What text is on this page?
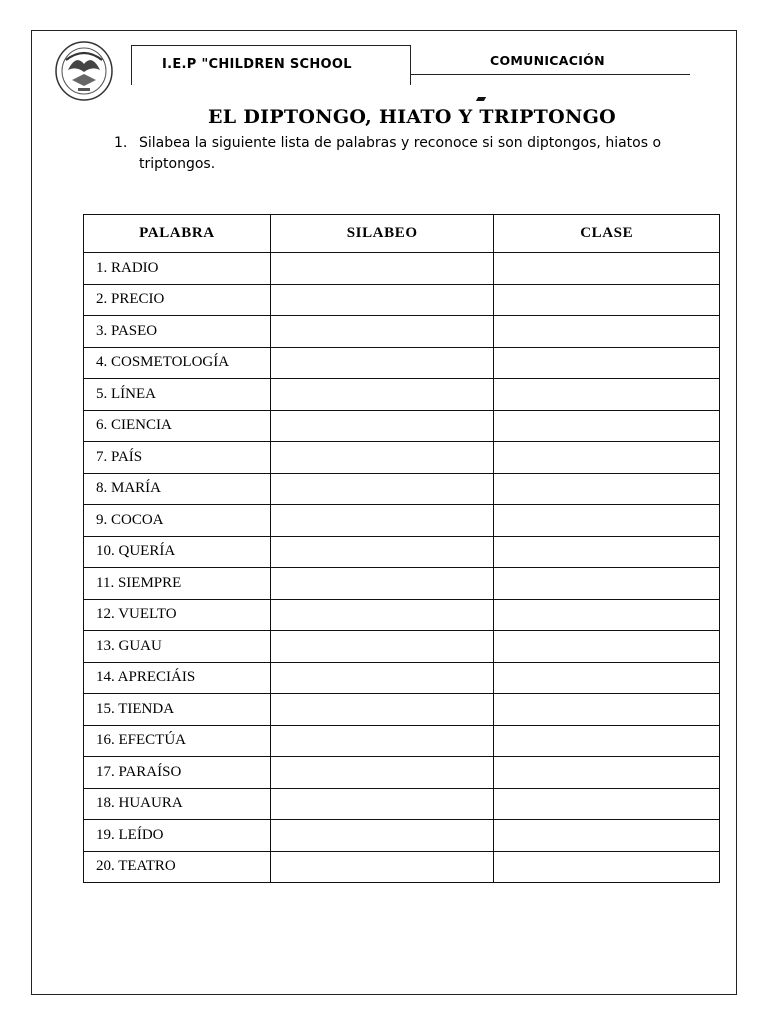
I.E.P "CHILDREN SCHOOL	COMUNICACIÓN
EL DIPTONGO, HIATO Y TRIPTONGO
1. Silabea la siguiente lista de palabras y reconoce si son diptongos, hiatos o triptongos.
PALABRA	SILABEO	CLASE
1. RADIO		
2. PRECIO		
3. PASEO		
4. COSMETOLOGÍA		
5. LÍNEA		
6. CIENCIA		
7. PAÍS		
8. MARÍA		
9. COCOA		
10. QUERÍA		
11. SIEMPRE		
12. VUELTO		
13. GUAU		
14. APRECIÁIS		
15. TIENDA		
16. EFECTÚA		
17. PARAÍSO		
18. HUAURA		
19. LEÍDO		
20. TEATRO		
